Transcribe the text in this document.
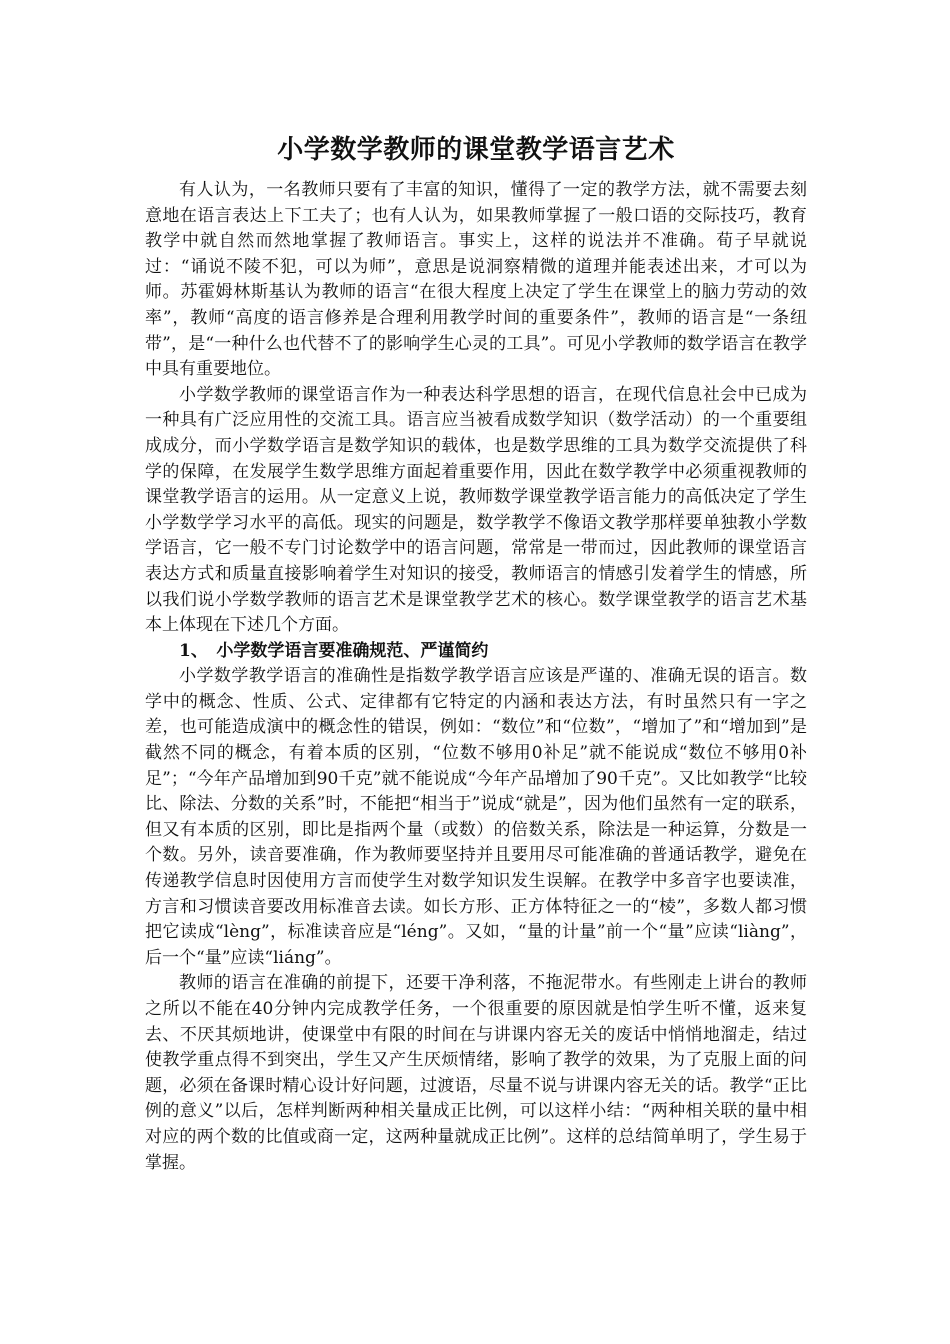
小学数学教师的课堂教学语言艺术

有人认为，一名教师只要有了丰富的知识，懂得了一定的教学方法，就不需要去刻意地在语言表达上下工夫了；也有人认为，如果教师掌握了一般口语的交际技巧，教育教学中就自然而然地掌握了教师语言。事实上，这样的说法并不准确。荀子早就说过：“诵说不陵不犯，可以为师”，意思是说洞察精微的道理并能表述出来，才可以为师。苏霍姆林斯基认为教师的语言“在很大程度上决定了学生在课堂上的脑力劳动的效率”，教师“高度的语言修养是合理利用教学时间的重要条件”，教师的语言是“一条纽带”，是“一种什么也代替不了的影响学生心灵的工具”。可见小学教师的数学语言在教学中具有重要地位。

小学数学教师的课堂语言作为一种表达科学思想的语言，在现代信息社会中已成为一种具有广泛应用性的交流工具。语言应当被看成数学知识（数学活动）的一个重要组成成分，而小学数学语言是数学知识的载体，也是数学思维的工具为数学交流提供了科学的保障，在发展学生数学思维方面起着重要作用，因此在数学教学中必须重视教师的课堂教学语言的运用。从一定意义上说，教师数学课堂教学语言能力的高低决定了学生小学数学学习水平的高低。现实的问题是，数学教学不像语文教学那样要单独教小学数学语言，它一般不专门讨论数学中的语言问题，常常是一带而过，因此教师的课堂语言表达方式和质量直接影响着学生对知识的接受，教师语言的情感引发着学生的情感，所以我们说小学数学教师的语言艺术是课堂教学艺术的核心。数学课堂教学的语言艺术基本上体现在下述几个方面。

1、 小学数学语言要准确规范、严谨简约

小学数学教学语言的准确性是指数学教学语言应该是严谨的、准确无误的语言。数学中的概念、性质、公式、定律都有它特定的内涵和表达方法，有时虽然只有一字之差，也可能造成演中的概念性的错误，例如：“数位”和“位数”，“增加了”和“增加到”是截然不同的概念，有着本质的区别，“位数不够用0补足”就不能说成“数位不够用0补足”；“今年产品增加到90千克”就不能说成“今年产品增加了90千克”。又比如教学“比较比、除法、分数的关系”时，不能把“相当于”说成“就是”，因为他们虽然有一定的联系，但又有本质的区别，即比是指两个量（或数）的倍数关系，除法是一种运算，分数是一个数。另外，读音要准确，作为教师要坚持并且要用尽可能准确的普通话教学，避免在传递教学信息时因使用方言而使学生对数学知识发生误解。在教学中多音字也要读准，方言和习惯读音要改用标准音去读。如长方形、正方体特征之一的“棱”，多数人都习惯把它读成“lèng”，标准读音应是“léng”。又如，“量的计量”前一个“量”应读“liàng”，后一个“量”应读“liáng”。

教师的语言在准确的前提下，还要干净利落，不拖泥带水。有些刚走上讲台的教师之所以不能在40分钟内完成教学任务，一个很重要的原因就是怕学生听不懂，返来复去、不厌其烦地讲，使课堂中有限的时间在与讲课内容无关的废话中悄悄地溜走，结过使教学重点得不到突出，学生又产生厌烦情绪，影响了教学的效果，为了克服上面的问题，必须在备课时精心设计好问题，过渡语，尽量不说与讲课内容无关的话。教学“正比例的意义”以后，怎样判断两种相关量成正比例，可以这样小结：“两种相关联的量中相对应的两个数的比值或商一定，这两种量就成正比例”。这样的总结简单明了，学生易于掌握。
